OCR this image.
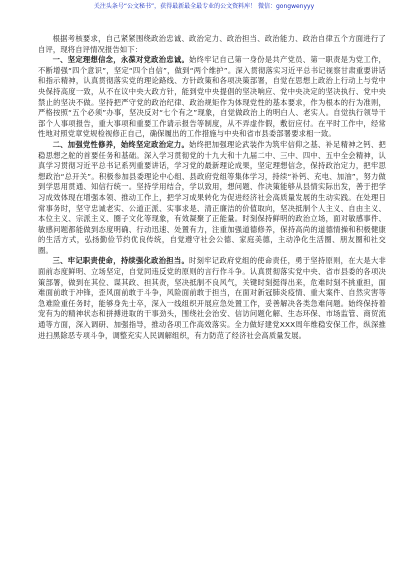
关注头条号“公文秘书”，获得最新最全最专业的公文资料库！ 微信：gongwenyyy

根据考核要求，自己紧紧围绕政治忠诚、政治定力、政治担当、政治能力、政治自律五个方面进行了自评，现将自评情况报告如下：

一、坚定理想信念，永葆对党政治忠诚。始终牢记自己第一身份是共产党员、第一职责是为党工作，不断增强“四个意识”，坚定“四个自信”，做到“两个维护”。深入贯彻落实习近平总书记视察甘肃重要讲话和指示精神，认真贯彻落实党的理论路线、方针政策和各项决策部署，自觉在思想上政治上行动上与党中央保持高度一致，从不在议中央大政方针，能到党中央提倡的坚决响应、党中央决定的坚决执行、党中央禁止的坚决不做。坚持把严守党的政治纪律、政治规矩作为体现党性的基本要求，作为根本的行为准则，严格按照“五个必须”办事，坚决反对“七个有之”现象，自觉做政治上的明白人、老实人。自觉执行领导干部个人事项报告，重大事项和重要工作请示报告等制度，从不弄虚作假，敷衍应付。在平时工作中，经常性地对照党章党规检视修正自己，确保履出的工作措施与中央和省市县委部署要求相一致。

二、加强党性修养，始终坚定政治定力。始终把加强理论武装作为筑牢信仰之基、补足精神之钙、把稳思想之舵的首要任务和基础。深入学习贯彻党的十九大和十九届二中、三中、四中、五中全会精神，认真学习贯彻习近平总书记系列重要讲话，学习党的最新理论成果，坚定理想信念，保持政治定力，把牢思想政治“总开关”。积极参加县委理论中心组、县政府党组等集体学习，持续“补钙、充电、加油”，努力做到学思用贯通、知信行统一。坚持学用结合，学以致用，想问题、作决策能够从县情实际出发，善于把学习成效体现在增强本领、推动工作上，把学习成果转化为促进经济社会高质量发展的生动实践。在处理日常事务时，坚守忠诚老实、公道正派、实事求是、清正廉洁的价值取向，坚决抵制个人主义、自由主义、本位主义、宗派主义、圈子文化等现象，有效凝聚了正能量。时刻保持鲜明的政治立场，面对敏感事件、敏感问题都能做到态度明确、行动迅速、处置有力，注重加强道德修养，保持高尚的道德情操和积极健康的生活方式，弘扬勤俭节约优良传统，自觉遵守社会公德、家庭美德，主动净化生活圈、朋友圈和社交圈。

三、牢记职责使命，持续强化政治担当。时刻牢记政府党组的使命责任，勇于坚持原则，在大是大非面前态度鲜明、立场坚定，自觉同违反党的原则的言行作斗争。认真贯彻落实党中央、省市县委的各项决策部署，做到在其位、谋其政、担其责，坚决抵制不良风气，关键时刻挺得出来，危难时刻不挑重担，面难面前敢于冲锋，歪风面前敢于斗争，风险面前敢于担当，在面对新冠肺炎疫情、重大案件、自然灾害等急难险重任务时，能够身先士卒，深入一线组织开展应急处置工作，妥善解决各类急难问题。始终保持着宠有为的精神状态和拼搏进取的干事劲头，围绕社会治安、信访问题化解、生态环保、市场监管、商贸流通等方面，深入调研、加强指导，推动各项工作高效落实。全力做好建党XXX周年维稳安保工作，纵深推进扫黑除恶专项斗争，调整充实人民调解组织，有力防范了经济社会高质量发展。
